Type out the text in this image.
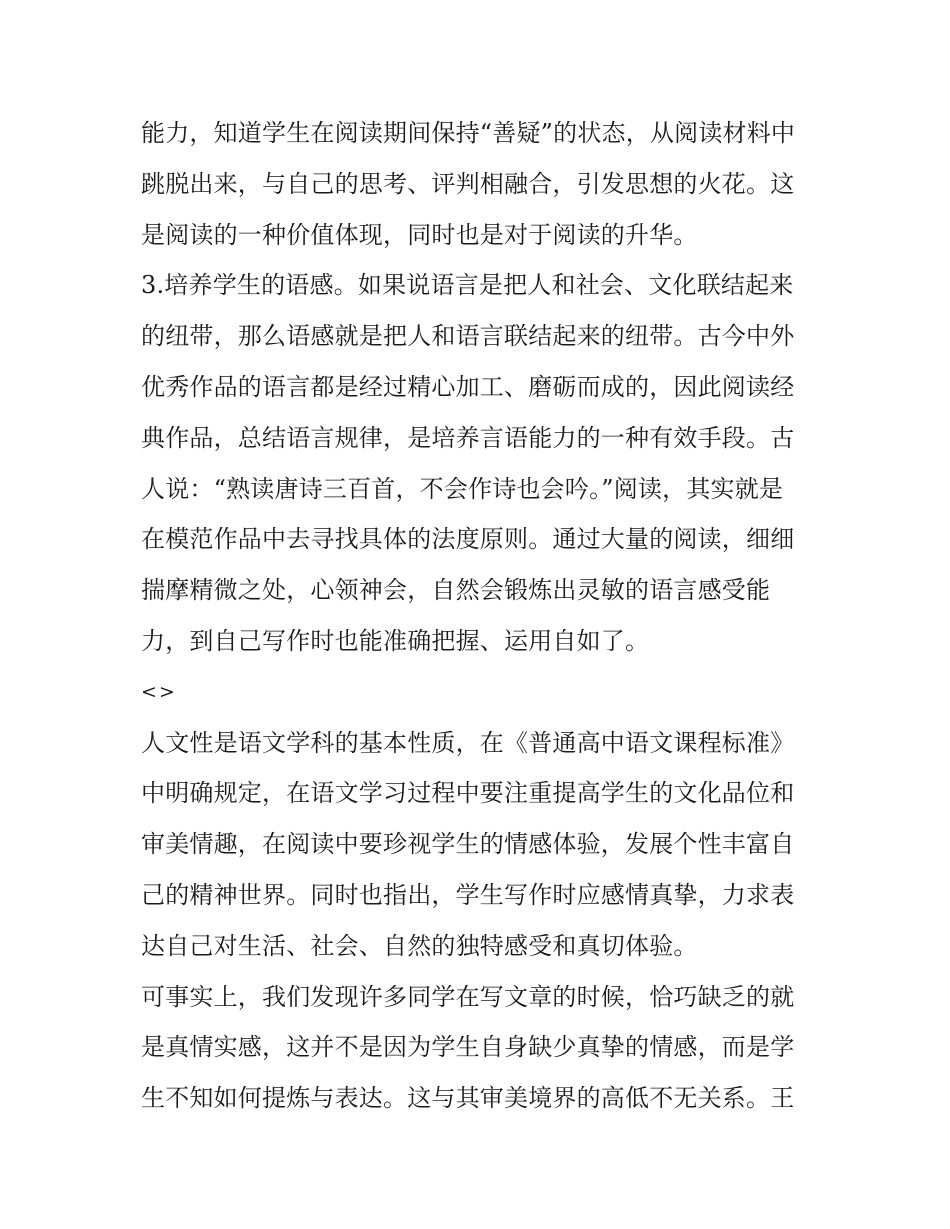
能力，知道学生在阅读期间保持“善疑”的状态，从阅读材料中
跳脱出来，与自己的思考、评判相融合，引发思想的火花。这
是阅读的一种价值体现，同时也是对于阅读的升华。
3.培养学生的语感。如果说语言是把人和社会、文化联结起来
的纽带，那么语感就是把人和语言联结起来的纽带。古今中外
优秀作品的语言都是经过精心加工、磨砺而成的，因此阅读经
典作品，总结语言规律，是培养言语能力的一种有效手段。古
人说：“熟读唐诗三百首，不会作诗也会吟。”阅读，其实就是
在模范作品中去寻找具体的法度原则。通过大量的阅读，细细
揣摩精微之处，心领神会，自然会锻炼出灵敏的语言感受能
力，到自己写作时也能准确把握、运用自如了。
<>
人文性是语文学科的基本性质，在《普通高中语文课程标准》
中明确规定，在语文学习过程中要注重提高学生的文化品位和
审美情趣，在阅读中要珍视学生的情感体验，发展个性丰富自
己的精神世界。同时也指出，学生写作时应感情真挚，力求表
达自己对生活、社会、自然的独特感受和真切体验。
可事实上，我们发现许多同学在写文章的时候，恰巧缺乏的就
是真情实感，这并不是因为学生自身缺少真挚的情感，而是学
生不知如何提炼与表达。这与其审美境界的高低不无关系。王
